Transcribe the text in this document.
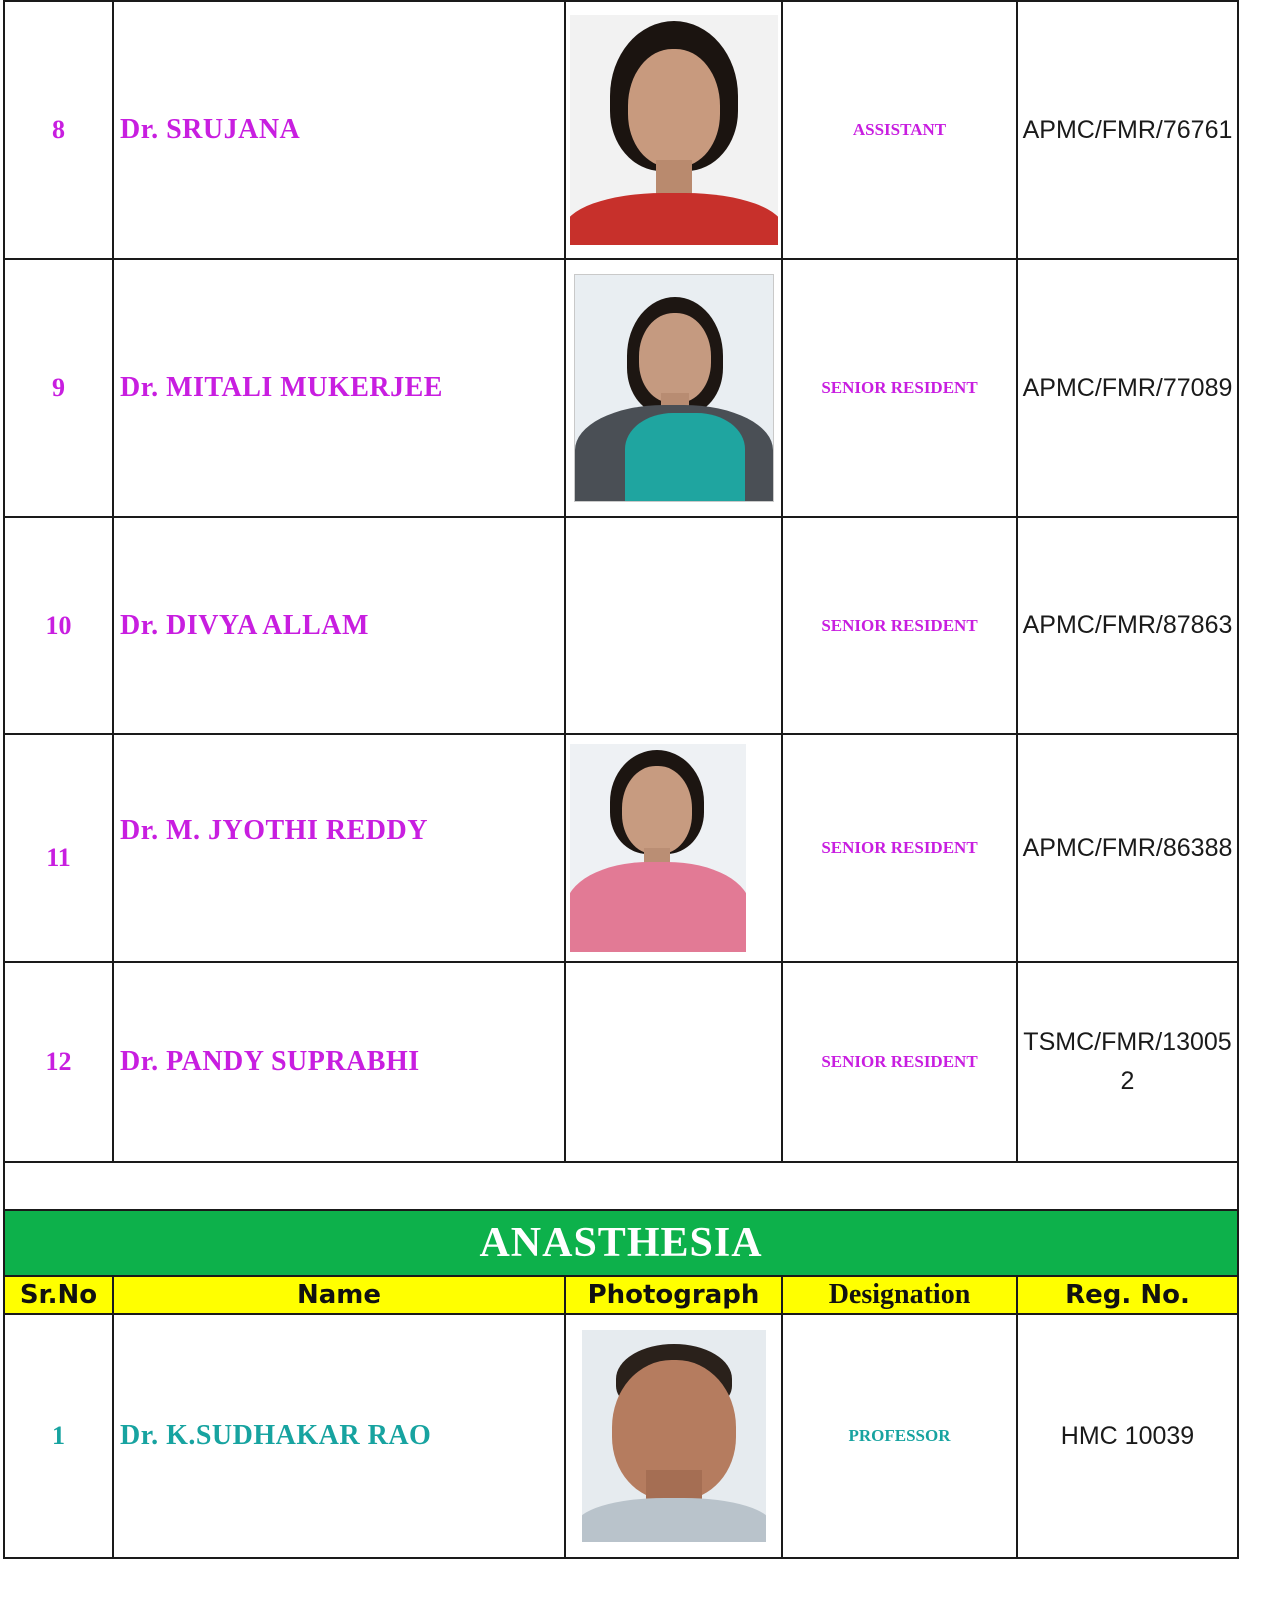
8	Dr. SRUJANA		ASSISTANT	APMC/FMR/76761
9	Dr. MITALI MUKERJEE		SENIOR RESIDENT	APMC/FMR/77089
10	Dr. DIVYA ALLAM		SENIOR RESIDENT	APMC/FMR/87863
11	Dr. M. JYOTHI REDDY		SENIOR RESIDENT	APMC/FMR/86388
12	Dr. PANDY SUPRABHI		SENIOR RESIDENT	TSMC/FMR/130052

ANASTHESIA				
Sr.No	Name	Photograph	Designation	Reg. No.
1	Dr. K.SUDHAKAR RAO		PROFESSOR	HMC 10039
